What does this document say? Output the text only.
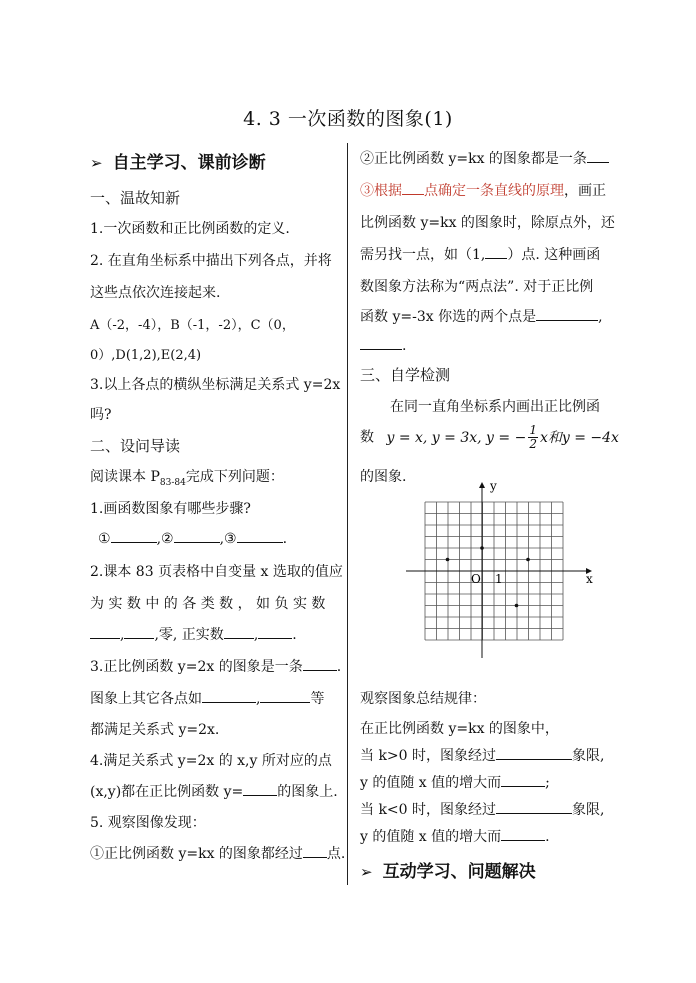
4. 3 一次函数的图象(1)
➢ 自主学习、课前诊断
一、温故知新
1.一次函数和正比例函数的定义.
2. 在直角坐标系中描出下列各点，并将
这些点依次连接起来.
A（-2，-4），B（-1，-2），C（0，
0）,D(1,2),E(2,4)
3.以上各点的横纵坐标满足关系式 y=2x
吗?
二、设问导读
阅读课本 $P_{83-84}$完成下列问题：
1.画函数图象有哪些步骤?
①	,②	,③	.
2.课本 83 页表格中自变量 x 选取的值应
为 实 数 中 的 各 类 数 ， 如 负 实 数
, ,零, 正实数 , .
3.正比例函数 y=2x 的图象是一条 .
图象上其它各点如	,	等
都满足关系式 y=2x.
4.满足关系式 y=2x 的 x,y 所对应的点
(x,y)都在正比例函数 y= 的图象上.
5. 观察图像发现：
①正比例函数 y=kx 的图象都经过 点.
②正比例函数 y=kx 的图象都是一条
③根据 点确定一条直线的原理，画正
比例函数 y=kx 的图象时，除原点外，还
需另找一点，如（1, ）点. 这种画函
数图象方法称为“两点法”. 对于正比例
函数 y=-3x 你选的两个点是	,
.
三、自学检测
在同一直角坐标系内画出正比例函
数 y = x, y = 3x, y = − $\frac{1}{2}$ x和y = −4x
的图象.
y
x
O 1
观察图象总结规律：
在正比例函数 y=kx 的图象中，
当 k>0 时，图象经过	象限,
y 的值随 x 值的增大而	;
当 k<0 时，图象经过	象限,
y 的值随 x 值的增大而	.
➢ 互动学习、问题解决
